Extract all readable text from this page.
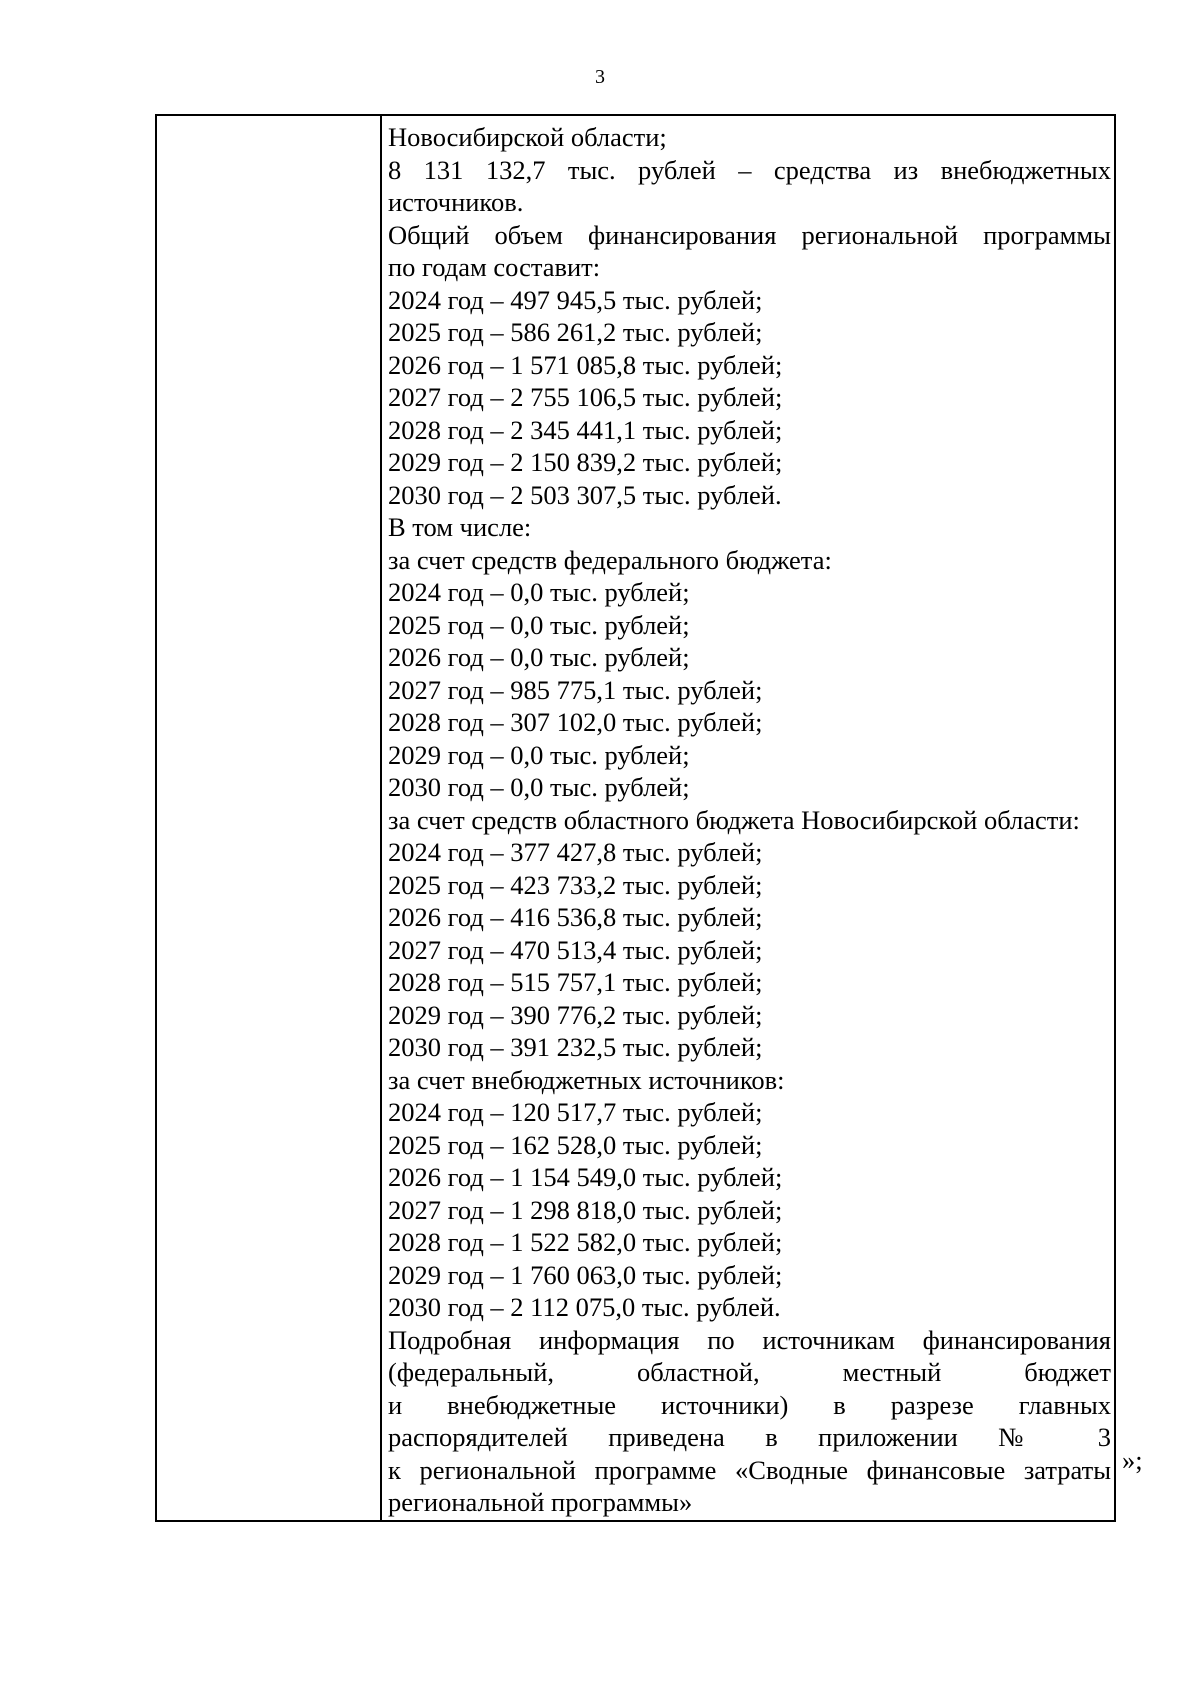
3
Новосибирской области;
8 131 132,7 тыс. рублей – средства из внебюджетных
источников.
Общий объем финансирования региональной программы
по годам составит:
2024 год – 497 945,5 тыс. рублей;
2025 год – 586 261,2 тыс. рублей;
2026 год – 1 571 085,8 тыс. рублей;
2027 год – 2 755 106,5 тыс. рублей;
2028 год – 2 345 441,1 тыс. рублей;
2029 год – 2 150 839,2 тыс. рублей;
2030 год – 2 503 307,5 тыс. рублей.
В том числе:
за счет средств федерального бюджета:
2024 год – 0,0 тыс. рублей;
2025 год – 0,0 тыс. рублей;
2026 год – 0,0 тыс. рублей;
2027 год – 985 775,1 тыс. рублей;
2028 год – 307 102,0 тыс. рублей;
2029 год – 0,0 тыс. рублей;
2030 год – 0,0 тыс. рублей;
за счет средств областного бюджета Новосибирской области:
2024 год – 377 427,8 тыс. рублей;
2025 год – 423 733,2 тыс. рублей;
2026 год – 416 536,8 тыс. рублей;
2027 год – 470 513,4 тыс. рублей;
2028 год – 515 757,1 тыс. рублей;
2029 год – 390 776,2 тыс. рублей;
2030 год – 391 232,5 тыс. рублей;
за счет внебюджетных источников:
2024 год – 120 517,7 тыс. рублей;
2025 год – 162 528,0 тыс. рублей;
2026 год – 1 154 549,0 тыс. рублей;
2027 год – 1 298 818,0 тыс. рублей;
2028 год – 1 522 582,0 тыс. рублей;
2029 год – 1 760 063,0 тыс. рублей;
2030 год – 2 112 075,0 тыс. рублей.
Подробная информация по источникам финансирования
(федеральный, областной, местный бюджет
и внебюджетные источники) в разрезе главных
распорядителей приведена в приложении № 3
к региональной программе «Сводные финансовые затраты
региональной программы»
»;
